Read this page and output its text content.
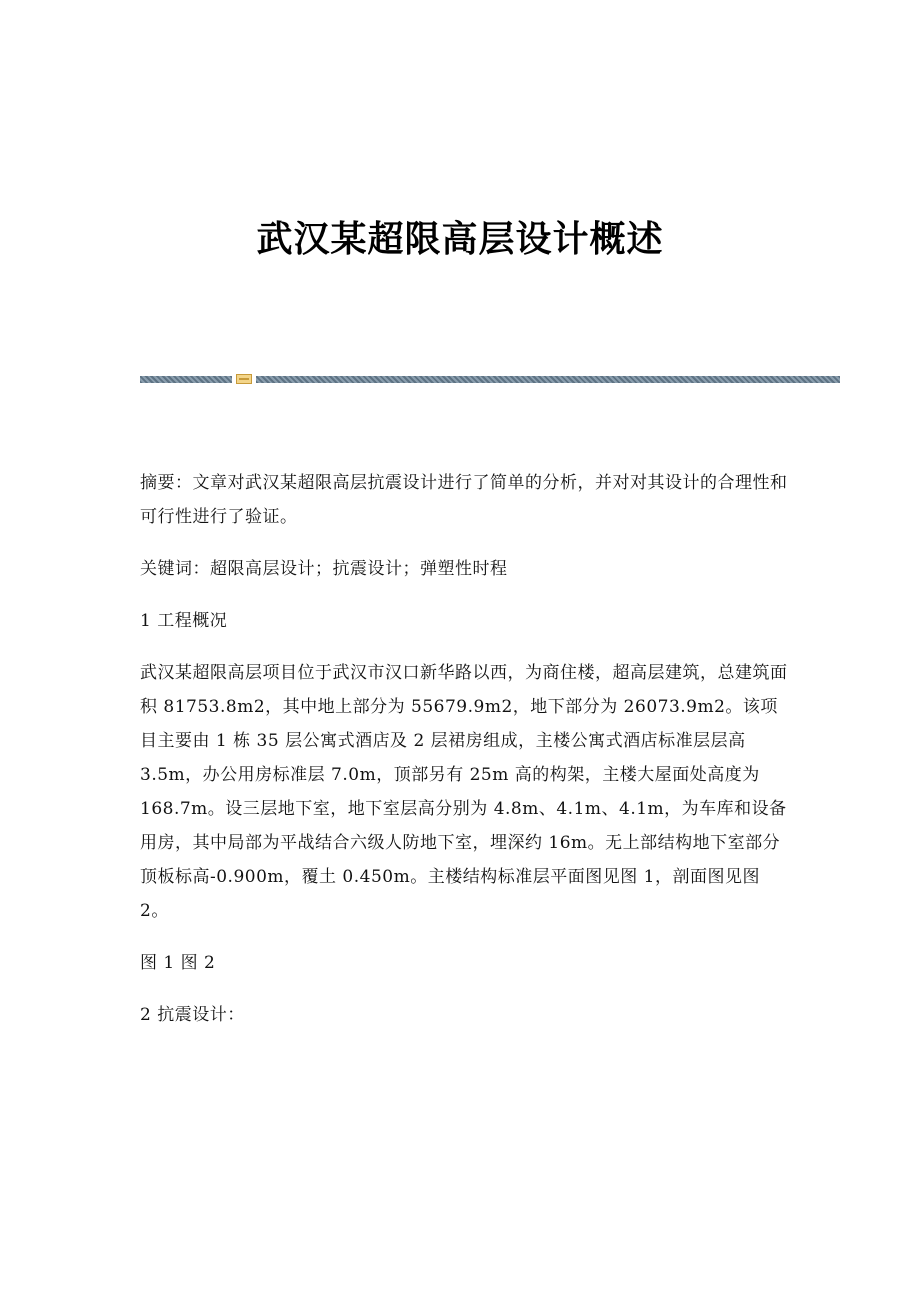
武汉某超限高层设计概述

摘要：文章对武汉某超限高层抗震设计进行了简单的分析，并对对其设计的合理性和可行性进行了验证。

关键词：超限高层设计；抗震设计；弹塑性时程

1 工程概况

武汉某超限高层项目位于武汉市汉口新华路以西，为商住楼，超高层建筑，总建筑面积 81753.8m2，其中地上部分为 55679.9m2，地下部分为 26073.9m2。该项目主要由 1 栋 35 层公寓式酒店及 2 层裙房组成，主楼公寓式酒店标准层层高3.5m，办公用房标准层 7.0m，顶部另有 25m 高的构架，主楼大屋面处高度为168.7m。设三层地下室，地下室层高分别为 4.8m、4.1m、4.1m，为车库和设备用房，其中局部为平战结合六级人防地下室，埋深约 16m。无上部结构地下室部分顶板标高-0.900m，覆土 0.450m。主楼结构标准层平面图见图 1，剖面图见图 2。

图 1 图 2

2 抗震设计：
